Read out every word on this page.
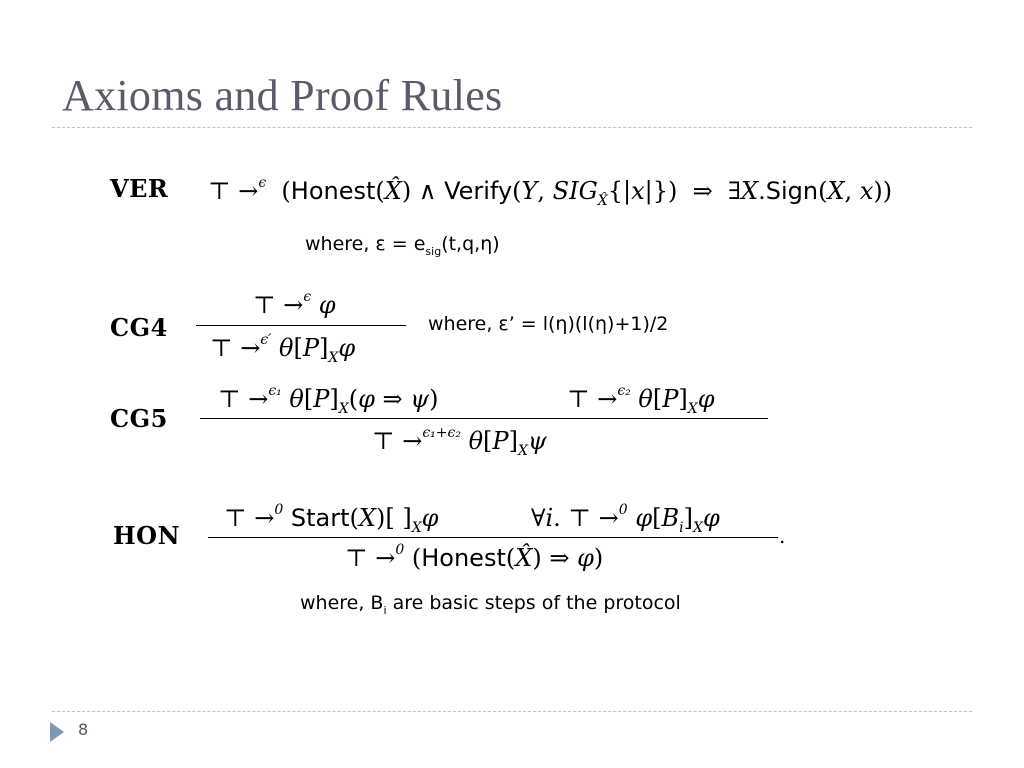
Axioms and Proof Rules
VER ⊤ →$^\epsilon$  (Honest(X̂) ∧ Verify(Y, $SIG_{X̂}\{|x|\}$)  ⇒  ∃X.Sign(X, x))
where, $\varepsilon = e_{sig}(t,q,\eta)$
CG4
⊤ →$^\epsilon$ φ
⊤ →$^{\epsilon'}$ $\theta[P]_X\varphi$
where, ε’ = l(η)(l(η)+1)/2
CG5
⊤ →$^{\epsilon_1}$ $\theta[P]_X(\varphi$ ⇒ ψ)	⊤ →$^{\epsilon_2}$ $\theta[P]_X\varphi$
⊤ →$^{\epsilon_1+\epsilon_2}$ $\theta[P]_X\psi$
HON
⊤ →$^0$ Start(X)[ ]$_X\varphi$	∀i. ⊤ →$^0$ $\varphi[B_i]_X\varphi$
.
⊤ →$^0$ (Honest(X̂) ⇒ φ)
where, $B_i$ are basic steps of the protocol
8
